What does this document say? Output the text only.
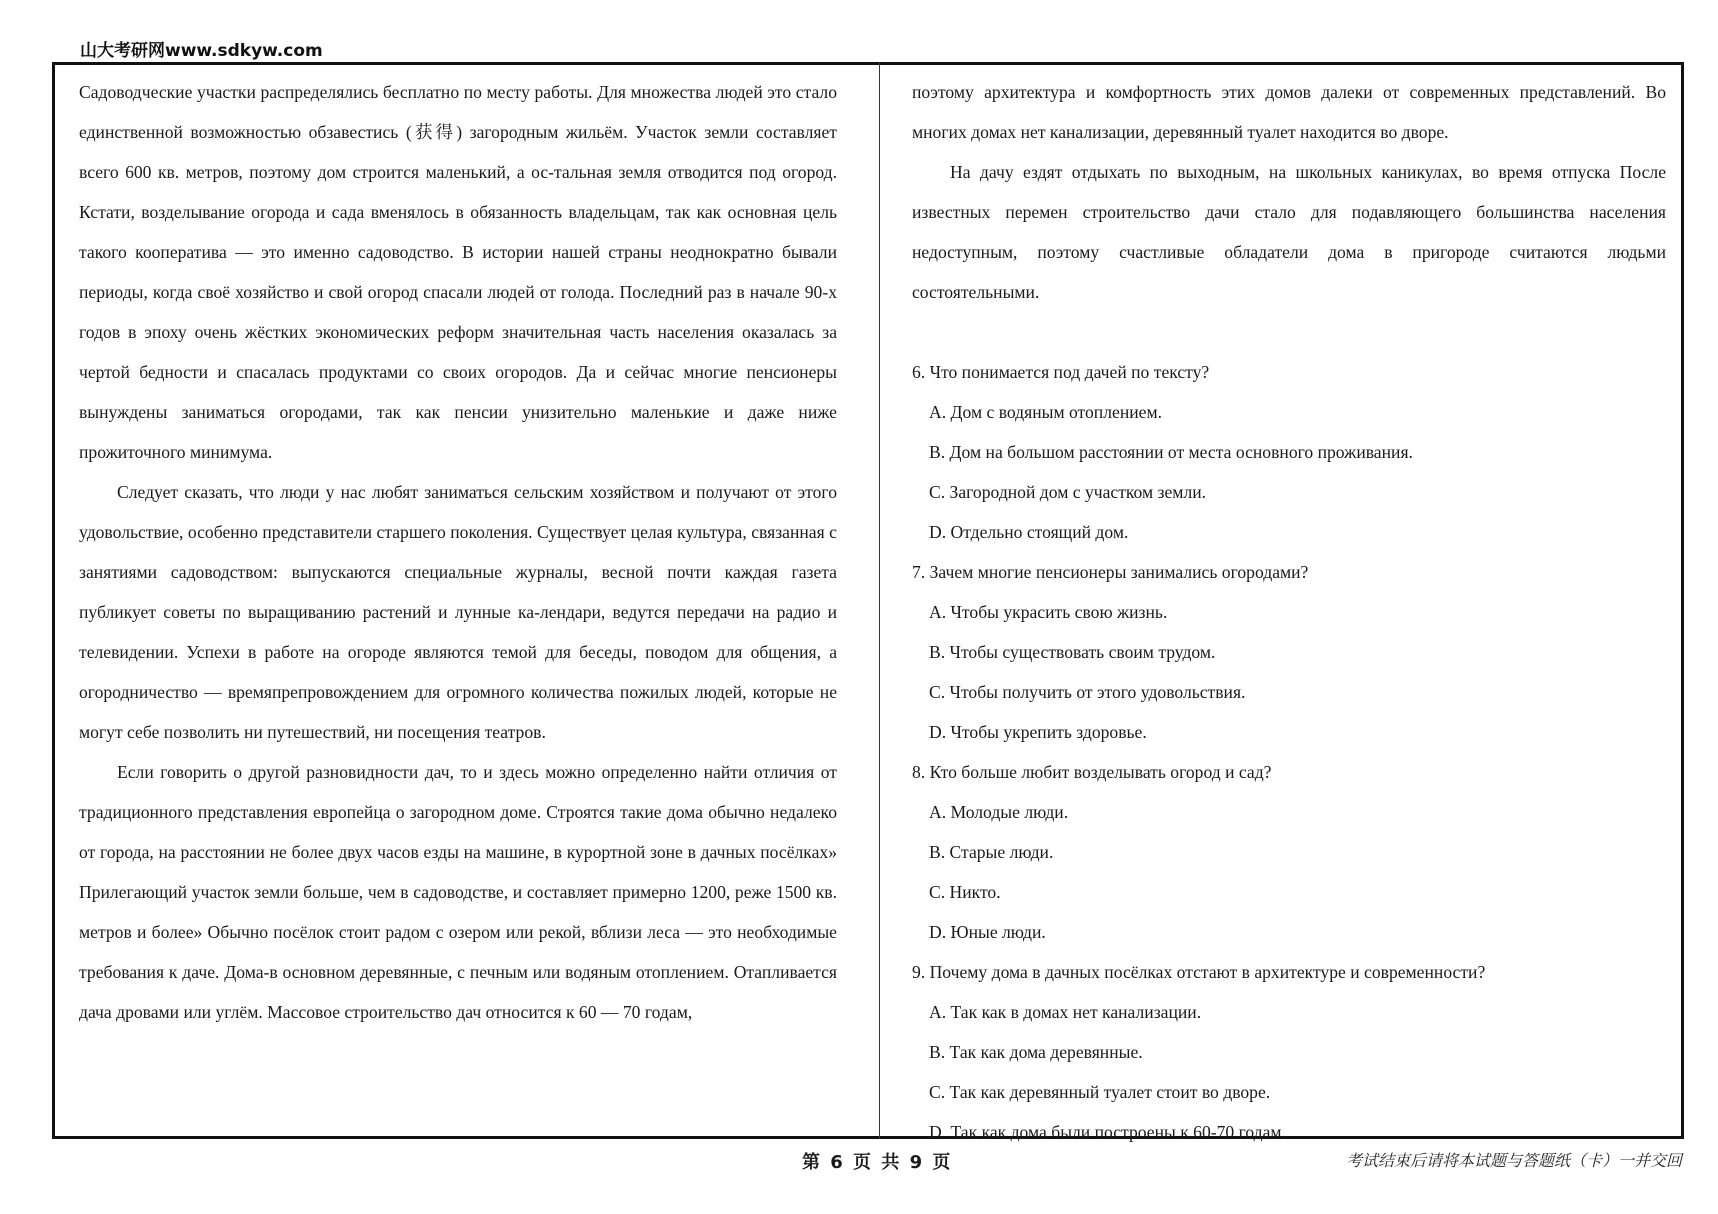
山大考研网www.sdkyw.com

Садоводческие участки распределялись бесплатно по месту работы. Для множества людей это стало единственной возможностью обзавестись (获得) загородным жильём. Участок земли составляет всего 600 кв. метров, поэтому дом строится маленький, а ос-тальная земля отводится под огород. Кстати, возделывание огорода и сада вменялось в обязанность владельцам, так как основная цель такого кооператива — это именно садоводство. В истории нашей страны неоднократно бывали периоды, когда своё хозяйство и свой огород спасали людей от голода. Последний раз в начале 90-х годов в эпоху очень жёстких экономических реформ значительная часть населения оказалась за чертой бедности и спасалась продуктами со своих огородов. Да и сейчас многие пенсионеры вынуждены заниматься огородами, так как пенсии унизительно маленькие и даже ниже прожиточного минимума.

Следует сказать, что люди у нас любят заниматься сельским хозяйством и получают от этого удовольствие, особенно представители старшего поколения. Существует целая культура, связанная с занятиями садоводством: выпускаются специальные журналы, весной почти каждая газета публикует советы по выращиванию растений и лунные ка-лендари, ведутся передачи на радио и телевидении. Успехи в работе на огороде являются темой для беседы, поводом для общения, а огородничество — времяпрепровождением для огромного количества пожилых людей, которые не могут себе позволить ни путешествий, ни посещения театров.

Если говорить о другой разновидности дач, то и здесь можно определенно найти отличия от традиционного представления европейца о загородном доме. Строятся такие дома обычно недалеко от города, на расстоянии не более двух часов езды на машине, в курортной зоне в дачных посёлках» Прилегающий участок земли больше, чем в садоводстве, и составляет примерно 1200, реже 1500 кв. метров и более» Обычно посёлок стоит радом с озером или рекой, вблизи леса — это необходимые требования к даче. Дома-в основном деревянные, с печным или водяным отоплением. Отапливается дача дровами или углём. Массовое строительство дач относится к 60 — 70 годам,

поэтому архитектура и комфортность этих домов далеки от современных представлений. Во многих домах нет канализации, деревянный туалет находится во дворе.

На дачу ездят отдыхать по выходным, на школьных каникулах, во время отпуска После известных перемен строительство дачи стало для подавляющего большинства населения недоступным, поэтому счастливые обладатели дома в пригороде считаются людьми состоятельными.

6. Что понимается под дачей по тексту?

A. Дом с водяным отоплением.

B. Дом на большом расстоянии от места основного проживания.

C. Загородной дом с участком земли.

D. Отдельно стоящий дом.

7. Зачем многие пенсионеры занимались огородами?

A. Чтобы украсить свою жизнь.

B. Чтобы существовать своим трудом.

C. Чтобы получить от этого удовольствия.

D. Чтобы укрепить здоровье.

8. Кто больше любит возделывать огород и сад?

A. Молодые люди.

B. Старые люди.

C. Никто.

D. Юные люди.

9. Почему дома в дачных посёлках отстают в архитектуре и современности?

A. Так как в домах нет канализации.

B. Так как дома деревянные.

C. Так как деревянный туалет стоит во дворе.

D. Так как дома были построены к 60-70 годам.

第 6 页 共 9 页	考试结束后请将本试题与答题纸（卡）一并交回
